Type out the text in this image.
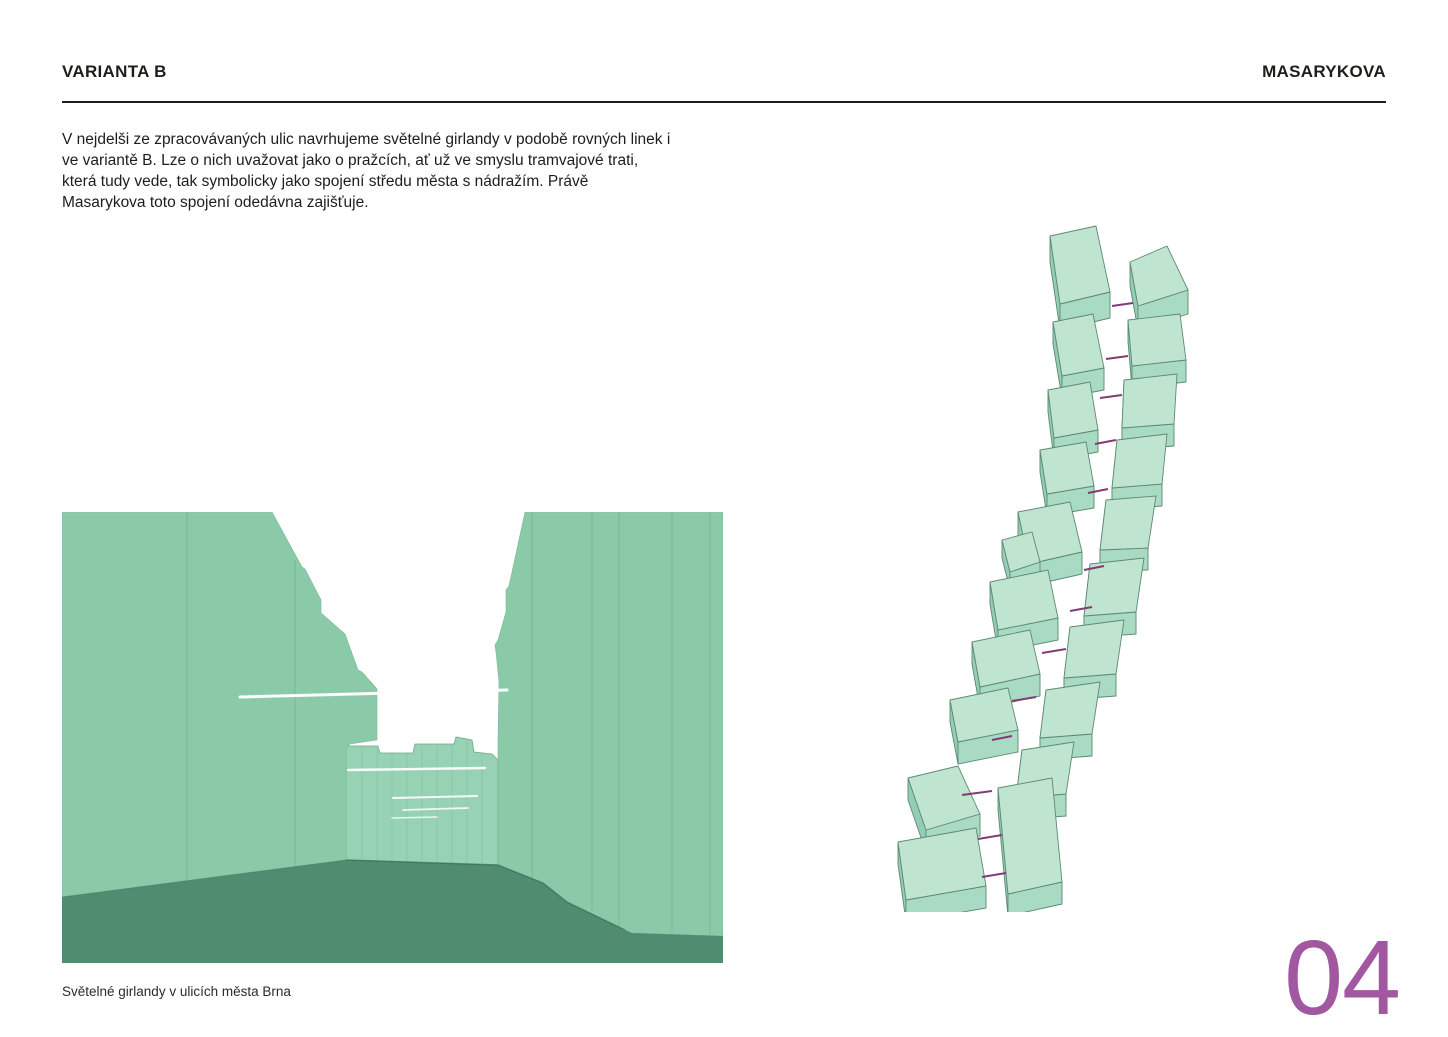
VARIANTA B	MASARYKOVA
V nejdelši ze zpracovávaných ulic navrhujeme světelné girlandy v podobě rovných linek i ve variantě B. Lze o nich uvažovat jako o pražcích, ať už ve smyslu tramvajové trati, která tudy vede, tak symbolicky jako spojení středu města s nádražím. Právě Masarykova toto spojení odedávna zajišťuje.
Světelné girlandy v ulicích města Brna	04
